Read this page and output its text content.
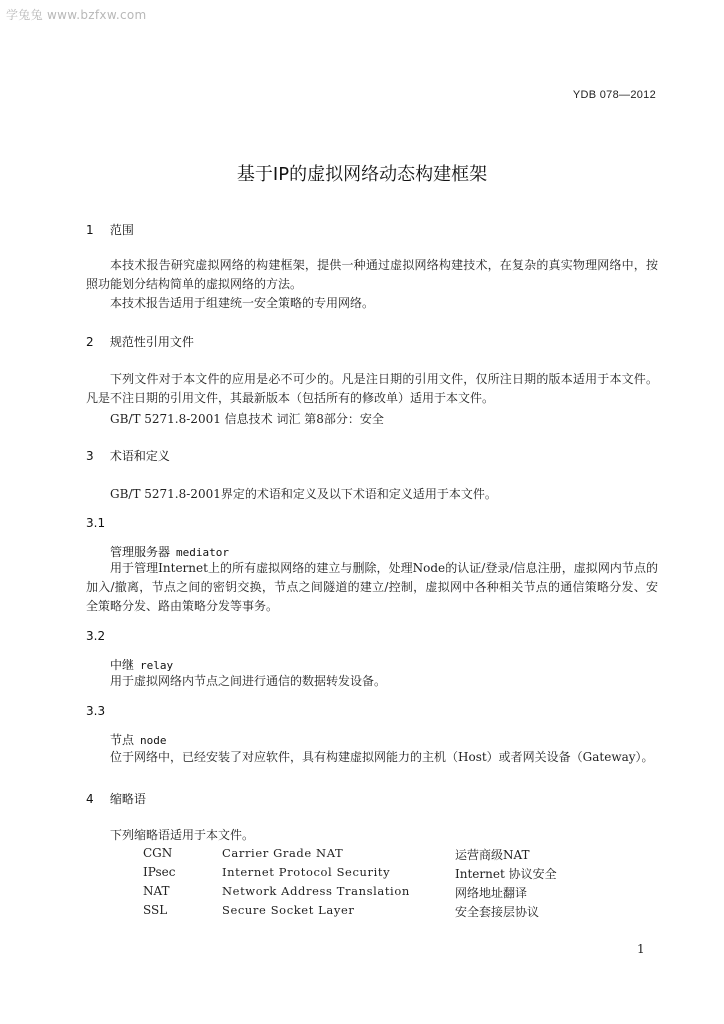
学兔兔 www.bzfxw.com
YDB 078—2012
基于IP的虚拟网络动态构建框架
1 范围
本技术报告研究虚拟网络的构建框架，提供一种通过虚拟网络构建技术，在复杂的真实物理网络中，按照功能划分结构简单的虚拟网络的方法。
本技术报告适用于组建统一安全策略的专用网络。
2 规范性引用文件
下列文件对于本文件的应用是必不可少的。凡是注日期的引用文件，仅所注日期的版本适用于本文件。凡是不注日期的引用文件，其最新版本（包括所有的修改单）适用于本文件。
GB/T 5271.8-2001 信息技术 词汇 第8部分：安全
3 术语和定义
GB/T 5271.8-2001界定的术语和定义及以下术语和定义适用于本文件。
3.1
管理服务器 mediator
用于管理Internet上的所有虚拟网络的建立与删除，处理Node的认证/登录/信息注册，虚拟网内节点的加入/撤离，节点之间的密钥交换，节点之间隧道的建立/控制，虚拟网中各种相关节点的通信策略分发、安全策略分发、路由策略分发等事务。
3.2
中继 relay
用于虚拟网络内节点之间进行通信的数据转发设备。
3.3
节点 node
位于网络中，已经安装了对应软件，具有构建虚拟网能力的主机（Host）或者网关设备（Gateway）。
4 缩略语
下列缩略语适用于本文件。
CGN	Carrier Grade NAT	运营商级NAT
IPsec	Internet Protocol Security	Internet 协议安全
NAT	Network Address Translation	网络地址翻译
SSL	Secure Socket Layer	安全套接层协议
1
